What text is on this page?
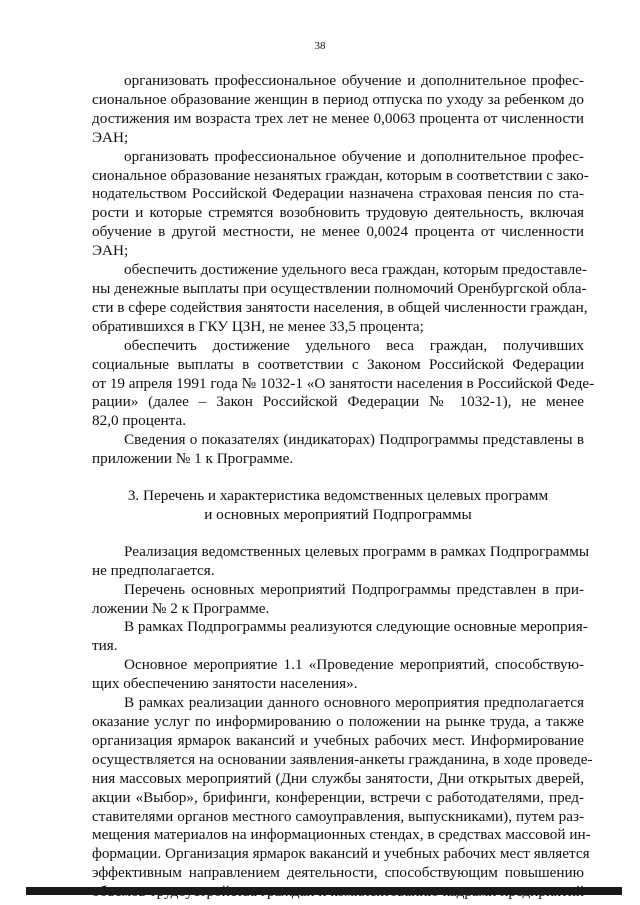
38

организовать профессиональное обучение и дополнительное профес-
сиональное образование женщин в период отпуска по уходу за ребенком до
достижения им возраста трех лет не менее 0,0063 процента от численности
ЭАН;

организовать профессиональное обучение и дополнительное профес-
сиональное образование незанятых граждан, которым в соответствии с зако-
нодательством Российской Федерации назначена страховая пенсия по ста-
рости и которые стремятся возобновить трудовую деятельность, включая
обучение в другой местности, не менее 0,0024 процента от численности
ЭАН;

обеспечить достижение удельного веса граждан, которым предоставле-
ны денежные выплаты при осуществлении полномочий Оренбургской обла-
сти в сфере содействия занятости населения, в общей численности граждан,
обратившихся в ГКУ ЦЗН, не менее 33,5 процента;

обеспечить достижение удельного веса граждан, получивших
социальные выплаты в соответствии с Законом Российской Федерации
от 19 апреля 1991 года № 1032-1 «О занятости населения в Российской Феде-
рации» (далее – Закон Российской Федерации № 1032-1), не менее
82,0 процента.

Сведения о показателях (индикаторах) Подпрограммы представлены в
приложении № 1 к Программе.

3. Перечень и характеристика ведомственных целевых программ
и основных мероприятий Подпрограммы

Реализация ведомственных целевых программ в рамках Подпрограммы
не предполагается.

Перечень основных мероприятий Подпрограммы представлен в при-
ложении № 2 к Программе.

В рамках Подпрограммы реализуются следующие основные мероприя-
тия.

Основное мероприятие 1.1 «Проведение мероприятий, способствую-
щих обеспечению занятости населения».

В рамках реализации данного основного мероприятия предполагается
оказание услуг по информированию о положении на рынке труда, а также
организация ярмарок вакансий и учебных рабочих мест. Информирование
осуществляется на основании заявления-анкеты гражданина, в ходе проведе-
ния массовых мероприятий (Дни службы занятости, Дни открытых дверей,
акции «Выбор», брифинги, конференции, встречи с работодателями, пред-
ставителями органов местного самоуправления, выпускниками), путем раз-
мещения материалов на информационных стендах, в средствах массовой ин-
формации. Организация ярмарок вакансий и учебных рабочих мест является
эффективным направлением деятельности, способствующим повышению
